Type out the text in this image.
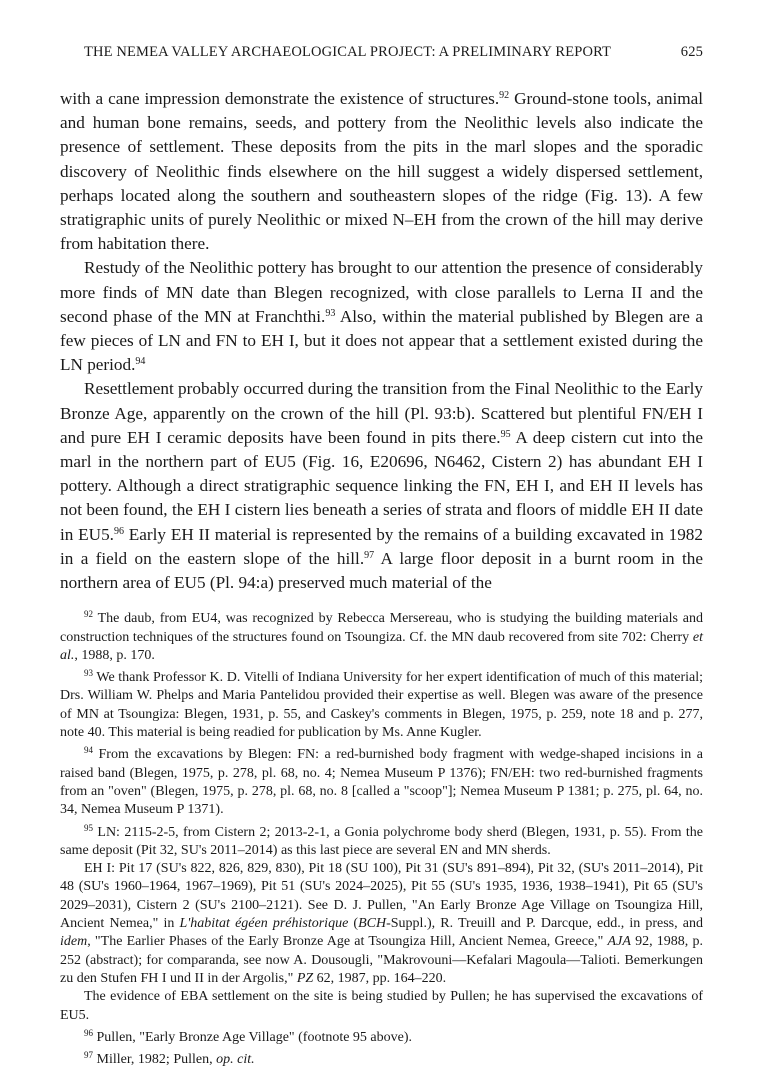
THE NEMEA VALLEY ARCHAEOLOGICAL PROJECT: A PRELIMINARY REPORT	625

with a cane impression demonstrate the existence of structures.$^{92}$ Ground-stone tools, animal and human bone remains, seeds, and pottery from the Neolithic levels also indicate the presence of settlement. These deposits from the pits in the marl slopes and the sporadic discovery of Neolithic finds elsewhere on the hill suggest a widely dispersed settlement, perhaps located along the southern and southeastern slopes of the ridge (Fig. 13). A few stratigraphic units of purely Neolithic or mixed N–EH from the crown of the hill may derive from habitation there.

Restudy of the Neolithic pottery has brought to our attention the presence of considerably more finds of MN date than Blegen recognized, with close parallels to Lerna II and the second phase of the MN at Franchthi.$^{93}$ Also, within the material published by Blegen are a few pieces of LN and FN to EH I, but it does not appear that a settlement existed during the LN period.$^{94}$

Resettlement probably occurred during the transition from the Final Neolithic to the Early Bronze Age, apparently on the crown of the hill (Pl. 93:b). Scattered but plentiful FN/EH I and pure EH I ceramic deposits have been found in pits there.$^{95}$ A deep cistern cut into the marl in the northern part of EU5 (Fig. 16, E20696, N6462, Cistern 2) has abundant EH I pottery. Although a direct stratigraphic sequence linking the FN, EH I, and EH II levels has not been found, the EH I cistern lies beneath a series of strata and floors of middle EH II date in EU5.96 Early EH II material is represented by the remains of a building excavated in 1982 in a field on the eastern slope of the hill.$^{97}$ A large floor deposit in a burnt room in the northern area of EU5 (Pl. 94:a) preserved much material of the

$^{92}$ The daub, from EU4, was recognized by Rebecca Mersereau, who is studying the building materials and construction techniques of the structures found on Tsoungiza. Cf. the MN daub recovered from site 702: Cherry et al., 1988, p. 170.

$^{93}$ We thank Professor K. D. Vitelli of Indiana University for her expert identification of much of this material; Drs. William W. Phelps and Maria Pantelidou provided their expertise as well. Blegen was aware of the presence of MN at Tsoungiza: Blegen, 1931, p. 55, and Caskey's comments in Blegen, 1975, p. 259, note 18 and p. 277, note 40. This material is being readied for publication by Ms. Anne Kugler.

$^{94}$ From the excavations by Blegen: FN: a red-burnished body fragment with wedge-shaped incisions in a raised band (Blegen, 1975, p. 278, pl. 68, no. 4; Nemea Museum P 1376); FN/EH: two red-burnished fragments from an "oven" (Blegen, 1975, p. 278, pl. 68, no. 8 [called a "scoop"]; Nemea Museum P 1381; p. 275, pl. 64, no. 34, Nemea Museum P 1371).

$^{95}$ LN: 2115-2-5, from Cistern 2; 2013-2-1, a Gonia polychrome body sherd (Blegen, 1931, p. 55). From the same deposit (Pit 32, SU's 2011–2014) as this last piece are several EN and MN sherds.

EH I: Pit 17 (SU's 822, 826, 829, 830), Pit 18 (SU 100), Pit 31 (SU's 891–894), Pit 32, (SU's 2011–2014), Pit 48 (SU's 1960–1964, 1967–1969), Pit 51 (SU's 2024–2025), Pit 55 (SU's 1935, 1936, 1938–1941), Pit 65 (SU's 2029–2031), Cistern 2 (SU's 2100–2121). See D. J. Pullen, "An Early Bronze Age Village on Tsoungiza Hill, Ancient Nemea," in L'habitat égéen préhistorique (BCH-Suppl.), R. Treuill and P. Darcque, edd., in press, and idem, "The Earlier Phases of the Early Bronze Age at Tsoungiza Hill, Ancient Nemea, Greece," AJA 92, 1988, p. 252 (abstract); for comparanda, see now A. Dousougli, "Makrovouni—Kefalari Magoula—Talioti. Bemerkungen zu den Stufen FH I und II in der Argolis," PZ 62, 1987, pp. 164–220.

The evidence of EBA settlement on the site is being studied by Pullen; he has supervised the excavations of EU5.

$^{96}$ Pullen, "Early Bronze Age Village" (footnote 95 above).

$^{97}$ Miller, 1982; Pullen, op. cit.
